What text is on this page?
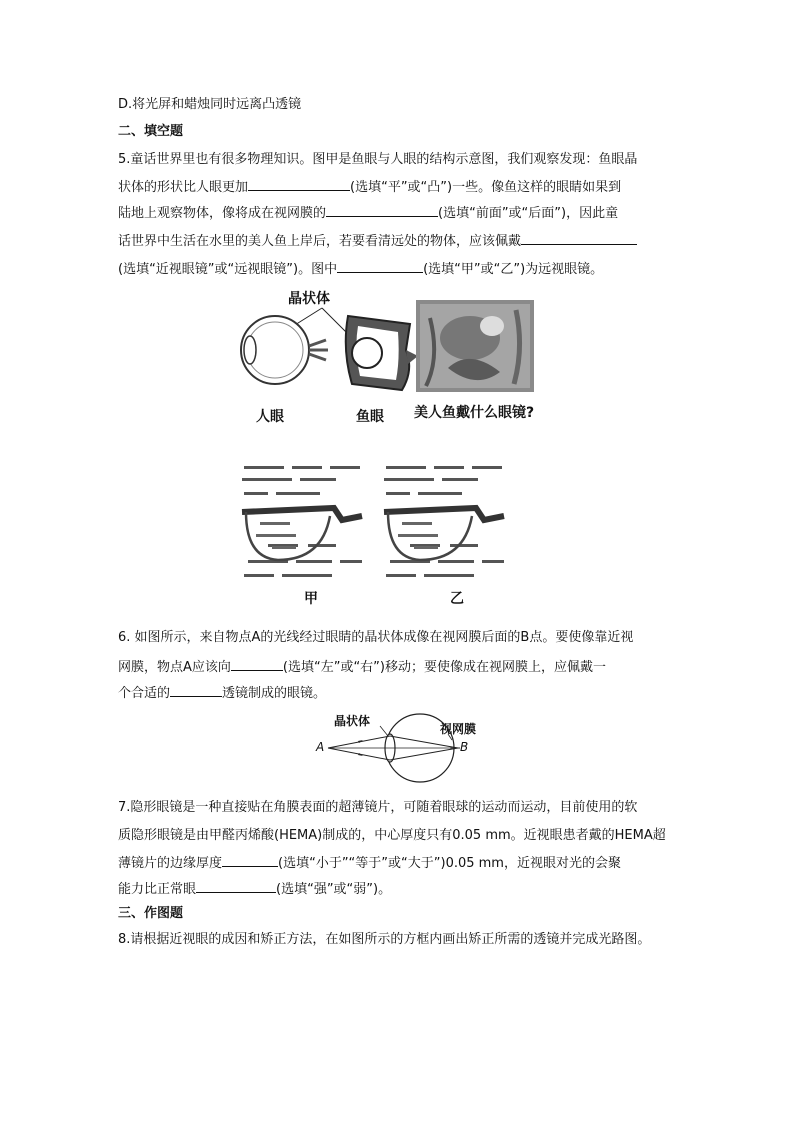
D.将光屏和蜡烛同时远离凸透镜
二、填空题
5.童话世界里也有很多物理知识。图甲是鱼眼与人眼的结构示意图，我们观察发现：鱼眼晶
状体的形状比人眼更加	(选填“平”或“凸”)一些。像鱼这样的眼睛如果到
陆地上观察物体，像将成在视网膜的	(选填“前面”或“后面”)，因此童
话世界中生活在水里的美人鱼上岸后，若要看清远处的物体，应该佩戴
(选填“近视眼镜”或“远视眼镜”)。图中	(选填“甲”或“乙”)为远视眼镜。
晶状体
人眼	鱼眼 美人鱼戴什么眼镜?
甲	乙
6. 如图所示，来自物点A的光线经过眼睛的晶状体成像在视网膜后面的B点。要使像靠近视
网膜，物点A应该向	(选填“左”或“右”)移动；要使像成在视网膜上，应佩戴一
个合适的	透镜制成的眼镜。
晶状体
视网膜
A	B
7.隐形眼镜是一种直接贴在角膜表面的超薄镜片，可随着眼球的运动而运动，目前使用的软
质隐形眼镜是由甲醛丙烯酸(HEMA)制成的，中心厚度只有0.05 mm。近视眼患者戴的HEMA超
薄镜片的边缘厚度	(选填“小于”“等于”或“大于”)0.05 mm，近视眼对光的会聚
能力比正常眼	(选填“强”或“弱”)。
三、作图题
8.请根据近视眼的成因和矫正方法，在如图所示的方框内画出矫正所需的透镜并完成光路图。
